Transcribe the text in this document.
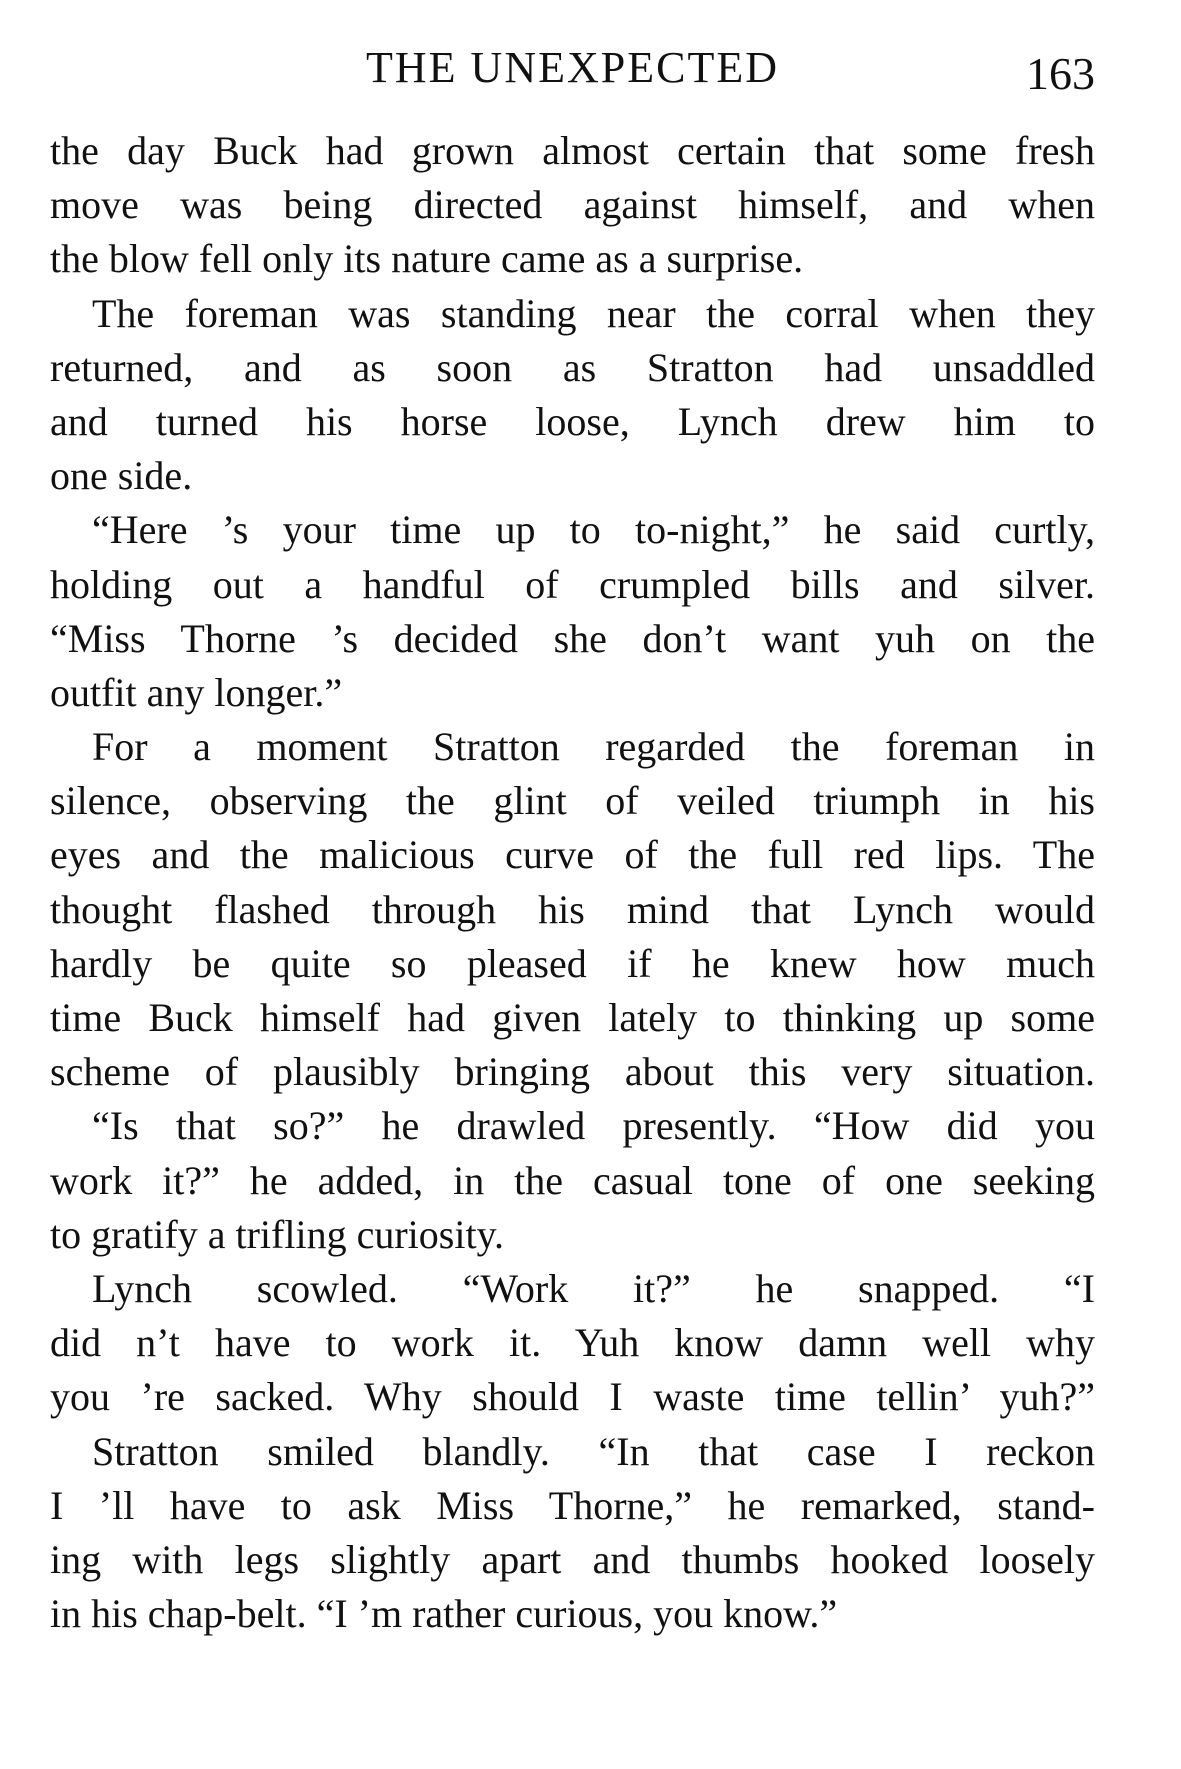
THE UNEXPECTED	163
the day Buck had grown almost certain that some fresh
move was being directed against himself, and when
the blow fell only its nature came as a surprise.
The foreman was standing near the corral when they
returned, and as soon as Stratton had unsaddled
and turned his horse loose, Lynch drew him to
one side.
“Here ’s your time up to to-night,” he said curtly,
holding out a handful of crumpled bills and silver.
“Miss Thorne ’s decided she don’t want yuh on the
outfit any longer.”
For a moment Stratton regarded the foreman in
silence, observing the glint of veiled triumph in his
eyes and the malicious curve of the full red lips. The
thought flashed through his mind that Lynch would
hardly be quite so pleased if he knew how much
time Buck himself had given lately to thinking up some
scheme of plausibly bringing about this very situation.
“Is that so?” he drawled presently. “How did you
work it?” he added, in the casual tone of one seeking
to gratify a trifling curiosity.
Lynch scowled. “Work it?” he snapped. “I
did n’t have to work it. Yuh know damn well why
you ’re sacked. Why should I waste time tellin’ yuh?”
Stratton smiled blandly. “In that case I reckon
I ’ll have to ask Miss Thorne,” he remarked, stand-
ing with legs slightly apart and thumbs hooked loosely
in his chap-belt. “I ’m rather curious, you know.”
